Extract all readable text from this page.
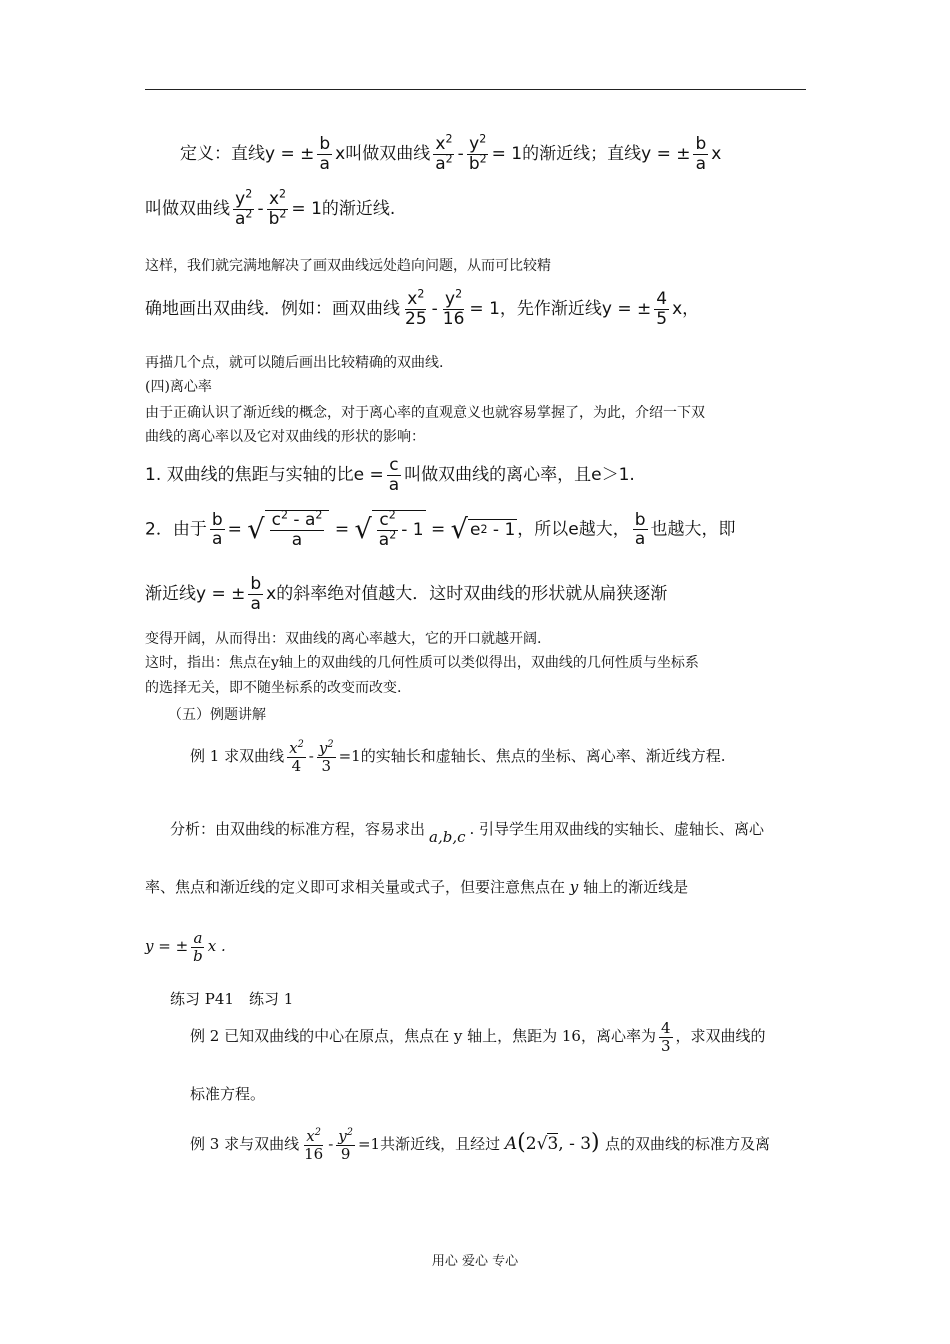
定义：直线y = ± $\frac{b}{a}$ x叫做双曲线 $\frac{x^2}{a^2} - \frac{y^2}{b^2} = 1$的渐近线；直线y = ± $\frac{b}{a}$ x
叫做双曲线 $\frac{y^2}{a^2} - \frac{x^2}{b^2} = 1$的渐近线.
这样，我们就完满地解决了画双曲线远处趋向问题，从而可比较精
确地画出双曲线．例如：画双曲线 $\frac{x^2}{25} - \frac{y^2}{16} = 1$，先作渐近线y = ± $\frac{4}{5}$ x，
再描几个点，就可以随后画出比较精确的双曲线.
(四)离心率
由于正确认识了渐近线的概念，对于离心率的直观意义也就容易掌握了，为此，介绍一下双
曲线的离心率以及它对双曲线的形状的影响：
1. 双曲线的焦距与实轴的比$e = \frac{c}{a}$ 叫做双曲线的离心率，且e＞1.
2．由于 $\frac{b}{a}$ = √ $\frac{c^2 - a^2}{a}$ = √ $\frac{c^2}{a^2} - 1$ = √ e 2
- 1 ，所以e越大， $\frac{b}{a}$ 也越大，即
渐近线y = ± $\frac{b}{a}$ x的斜率绝对值越大．这时双曲线的形状就从扁狭逐渐
变得开阔，从而得出：双曲线的离心率越大，它的开口就越开阔.
这时，指出：焦点在y轴上的双曲线的几何性质可以类似得出，双曲线的几何性质与坐标系
的选择无关，即不随坐标系的改变而改变.
（五）例题讲解
例 1 求双曲线 $\frac{x^2}{4} - \frac{y^2}{3} =1$的实轴长和虚轴长、焦点的坐标、离心率、渐近线方程.
分析：由双曲线的标准方程，容易求出 a,b,c . 引导学生用双曲线的实轴长、虚轴长、离心
率、焦点和渐近线的定义即可求相关量或式子，但要注意焦点在 y 轴上的渐近线是
y = ± $\frac{a}{b}$ x .
练习 P41　练习 1
例 2 已知双曲线的中心在原点，焦点在 y 轴上，焦距为 16，离心率为 $\frac{4}{3}$ ，求双曲线的
标准方程。
例 3 求与双曲线 $\frac{x^2}{16} - \frac{y^2}{9} =1$共渐近线，且经过 A(2√3, - 3) 点的双曲线的标准方及离
用心 爱心 专心
